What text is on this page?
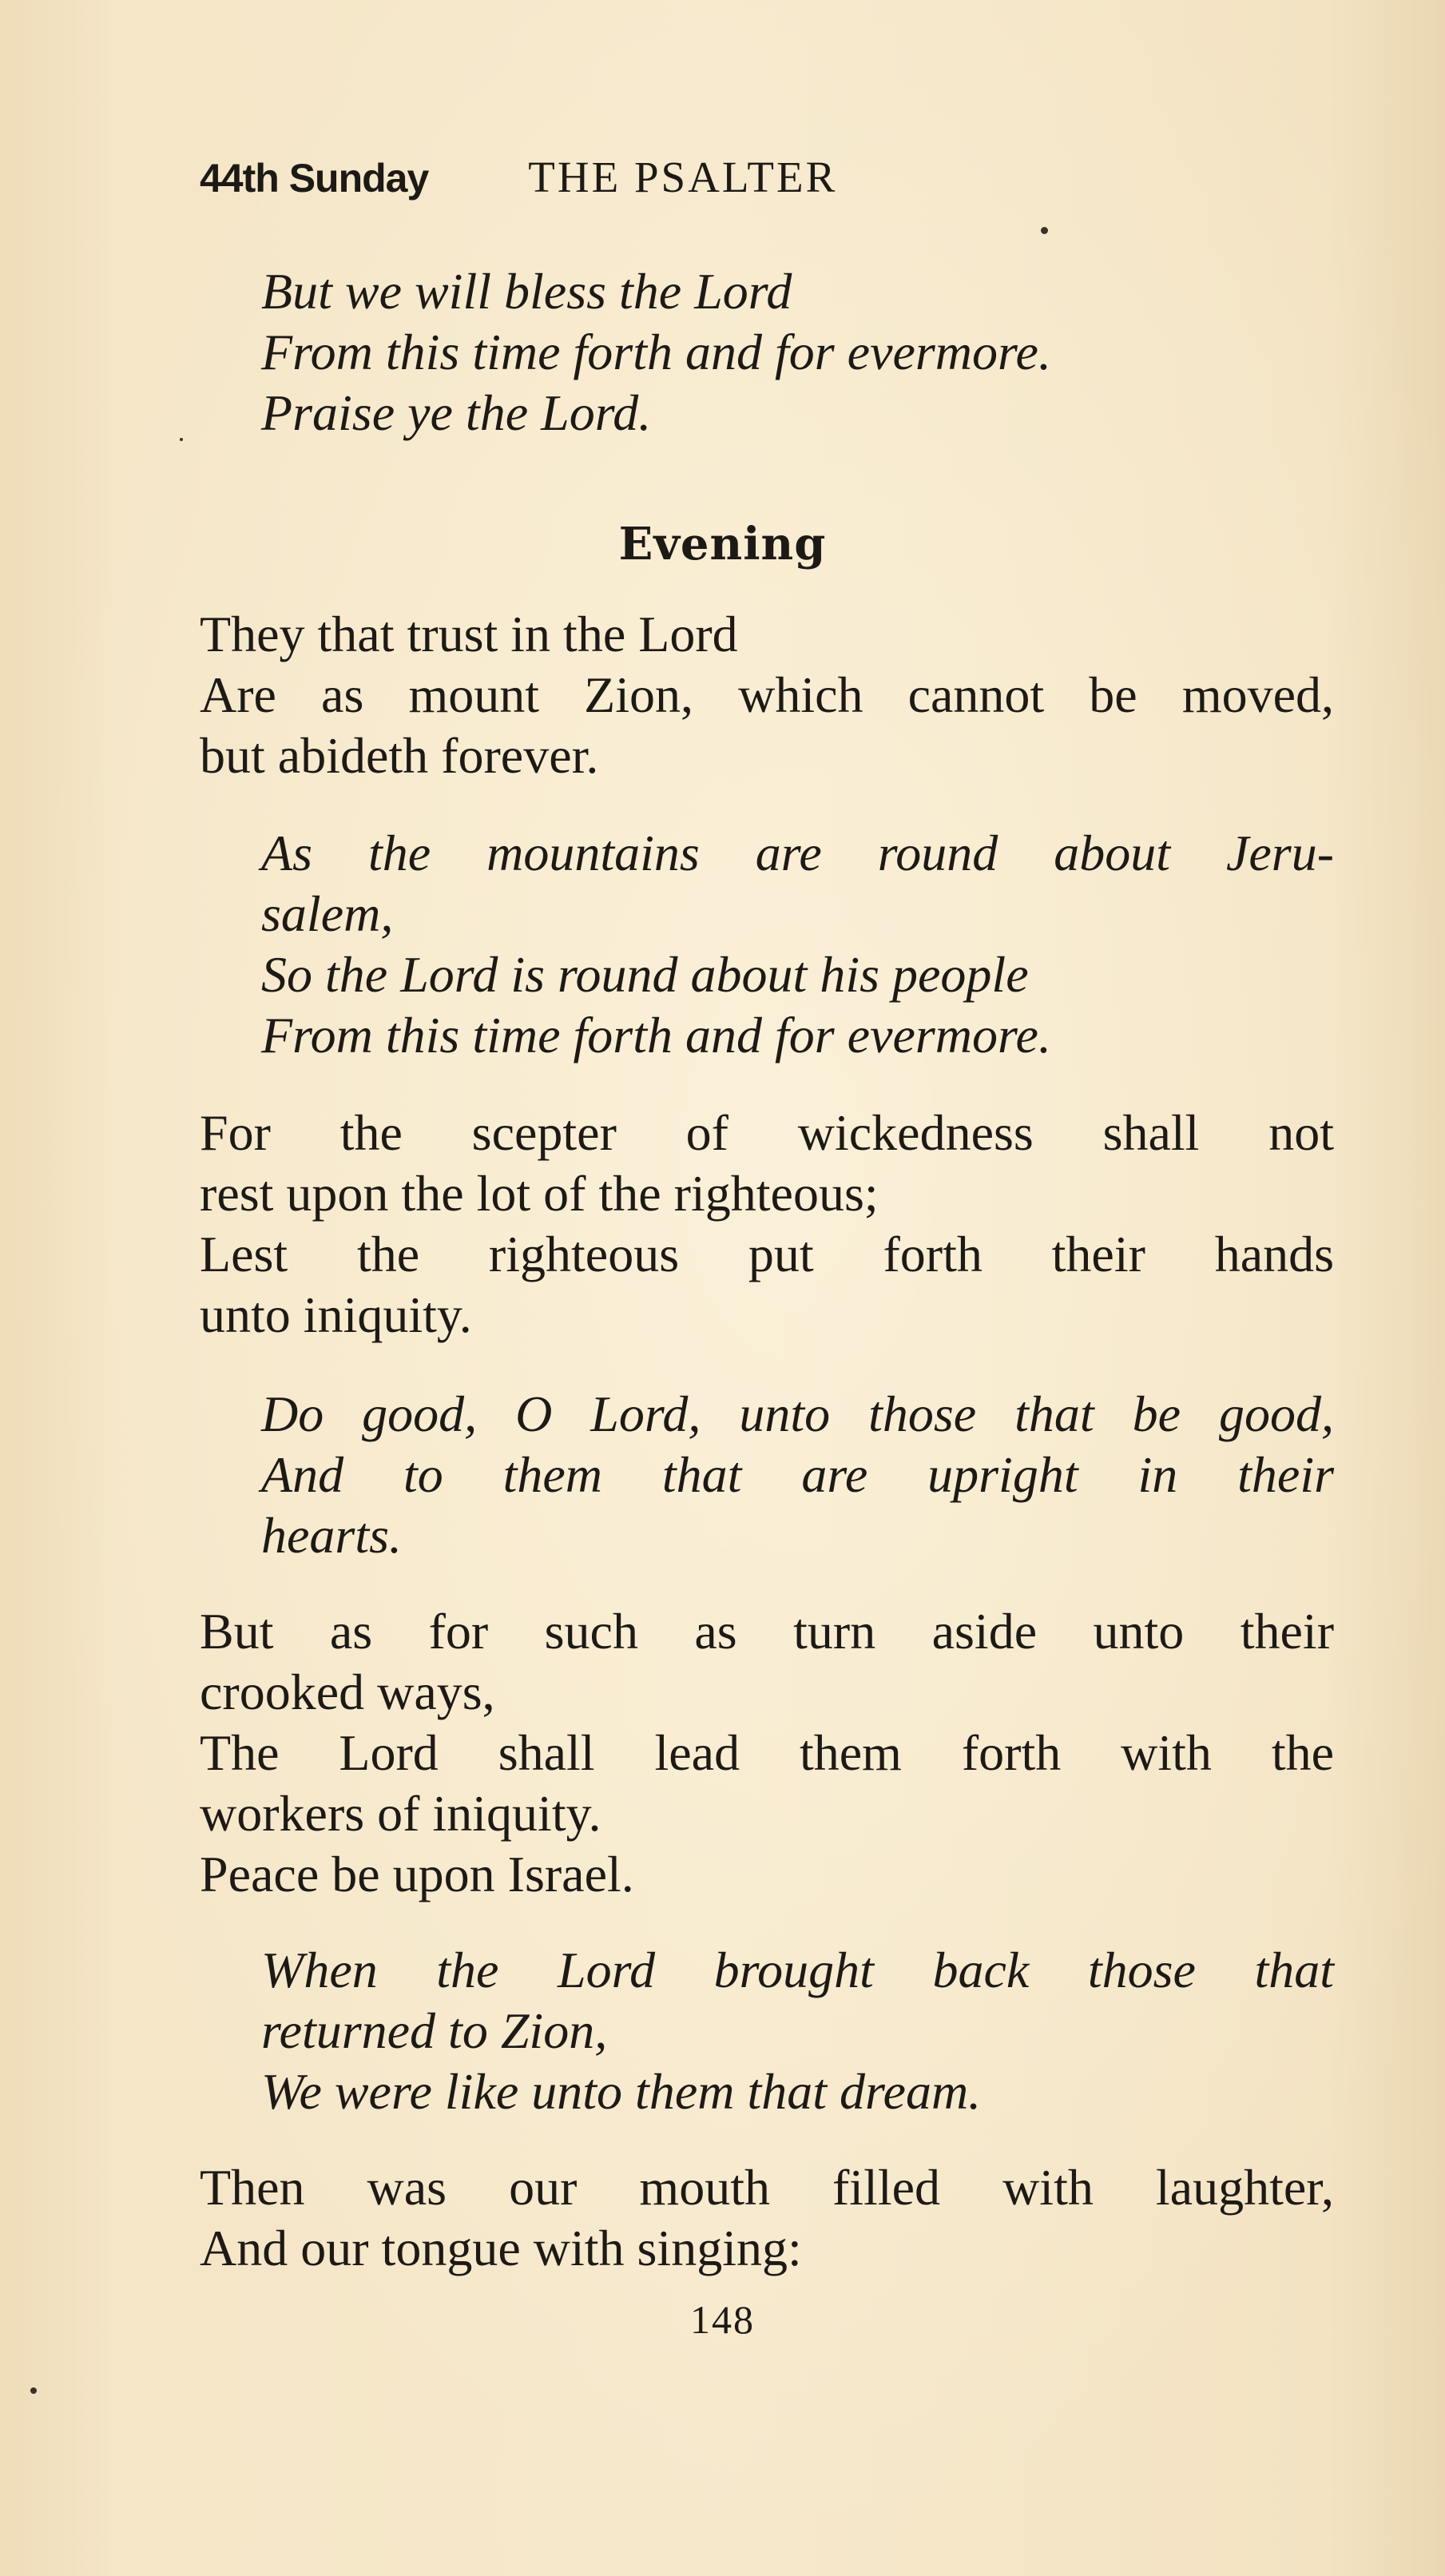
44th Sunday THE PSALTER
But we will bless the Lord
From this time forth and for evermore.
Praise ye the Lord.
Evening
They that trust in the Lord
Are as mount Zion, which cannot be moved,
but abideth forever.
As the mountains are round about Jeru-
salem,
So the Lord is round about his people
From this time forth and for evermore.
For the scepter of wickedness shall not
rest upon the lot of the righteous;
Lest the righteous put forth their hands
unto iniquity.
Do good, O Lord, unto those that be good,
And to them that are upright in their
hearts.
But as for such as turn aside unto their
crooked ways,
The Lord shall lead them forth with the
workers of iniquity.
Peace be upon Israel.
When the Lord brought back those that
returned to Zion,
We were like unto them that dream.
Then was our mouth filled with laughter,
And our tongue with singing:
148
